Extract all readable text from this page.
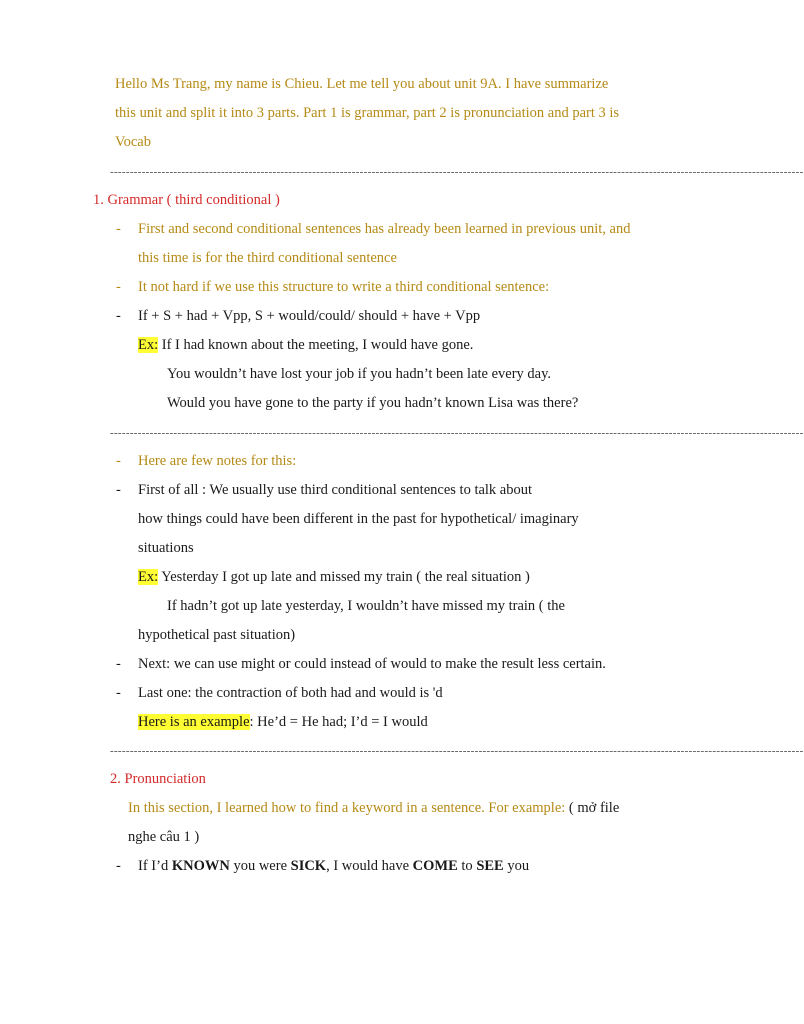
Hello Ms Trang, my name is Chieu. Let me tell you about unit 9A. I have summarize
this unit and split it into 3 parts. Part 1 is grammar, part 2 is pronunciation and part 3 is
Vocab
-------------------------------------------------------------------------------------------------------------------------------------------------------------------------------
1. Grammar ( third conditional )
- First and second conditional sentences has already been learned in previous unit, and
this time is for the third conditional sentence
- It not hard if we use this structure to write a third conditional sentence:
- If + S + had + Vpp, S + would/could/ should + have + Vpp
Ex: If I had known about the meeting, I would have gone.
You wouldn’t have lost your job if you hadn’t been late every day.
Would you have gone to the party if you hadn’t known Lisa was there?
-------------------------------------------------------------------------------------------------------------------------------------------------------------------------------
- Here are few notes for this:
- First of all : We usually use third conditional sentences to talk about
how things could have been different in the past for hypothetical/ imaginary
situations
Ex: Yesterday I got up late and missed my train ( the real situation )
If hadn’t got up late yesterday, I wouldn’t have missed my train ( the
hypothetical past situation)
- Next: we can use might or could instead of would to make the result less certain.
- Last one: the contraction of both had and would is 'd
Here is an example: He’d = He had; I’d = I would
-------------------------------------------------------------------------------------------------------------------------------------------------------------------------------
2. Pronunciation
In this section, I learned how to find a keyword in a sentence. For example: ( mở file
nghe câu 1 )
- If I’d KNOWN you were SICK, I would have COME to SEE you
